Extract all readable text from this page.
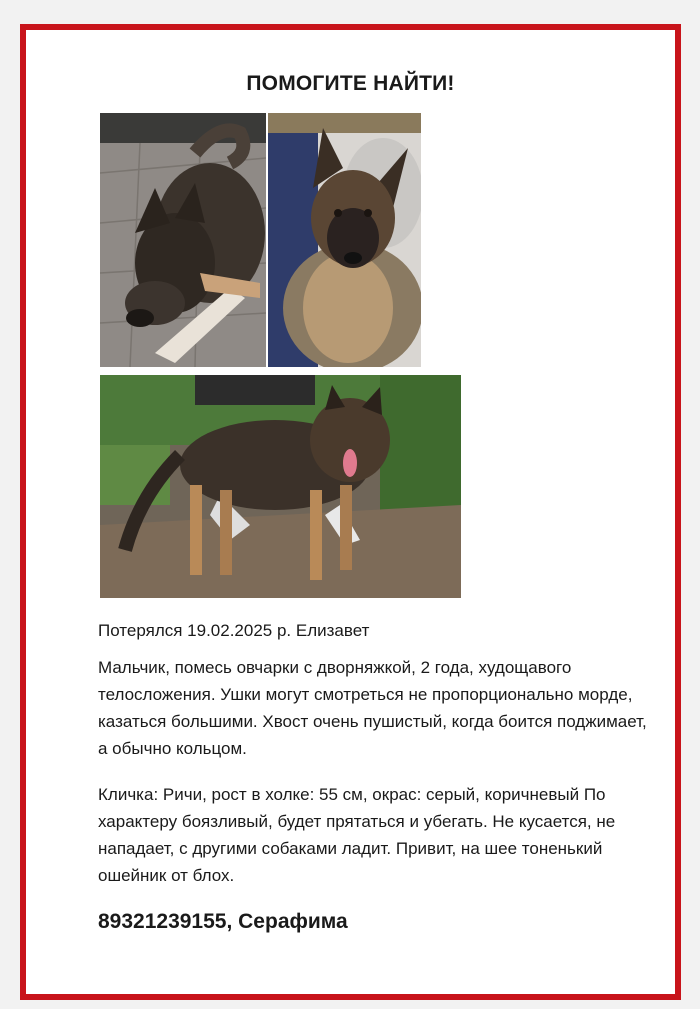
ПОМОГИТЕ НАЙТИ!
Потерялся 19.02.2025 р. Елизавет
Мальчик, помесь овчарки с дворняжкой, 2 года, худощавого телосложения. Ушки могут смотреться не пропорционально морде, казаться большими. Хвост очень пушистый, когда боится поджимает, а обычно кольцом.
Кличка: Ричи, рост в холке: 55 см, окрас: серый, коричневый По характеру боязливый, будет прятаться и убегать. Не кусается, не нападает, с другими собаками ладит. Привит, на шее тоненький ошейник от блох.
89321239155, Серафима
